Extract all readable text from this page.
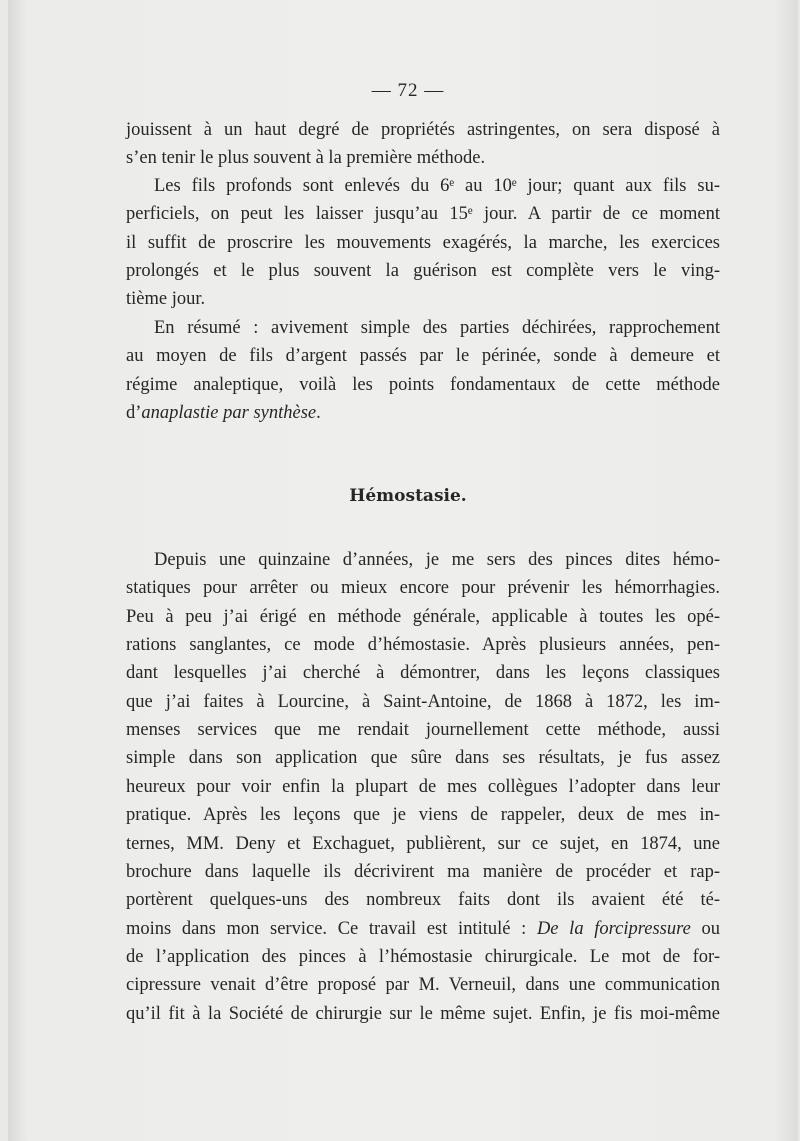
— 72 —
Hémostasie.
jouissent à un haut degré de propriétés astringentes, on sera disposé à
s’en tenir le plus souvent à la première méthode.
Les fils profonds sont enlevés du 6ᵉ au 10ᵉ jour; quant aux fils su-
perficiels, on peut les laisser jusqu’au 15ᵉ jour. A partir de ce moment
il suffit de proscrire les mouvements exagérés, la marche, les exercices
prolongés et le plus souvent la guérison est complète vers le ving-
tième jour.
En résumé : avivement simple des parties déchirées, rapprochement
au moyen de fils d’argent passés par le périnée, sonde à demeure et
régime analeptique, voilà les points fondamentaux de cette méthode
d’anaplastie par synthèse.
Depuis une quinzaine d’années, je me sers des pinces dites hémo-
statiques pour arrêter ou mieux encore pour prévenir les hémorrhagies.
Peu à peu j’ai érigé en méthode générale, applicable à toutes les opé-
rations sanglantes, ce mode d’hémostasie. Après plusieurs années, pen-
dant lesquelles j’ai cherché à démontrer, dans les leçons classiques
que j’ai faites à Lourcine, à Saint-Antoine, de 1868 à 1872, les im-
menses services que me rendait journellement cette méthode, aussi
simple dans son application que sûre dans ses résultats, je fus assez
heureux pour voir enfin la plupart de mes collègues l’adopter dans leur
pratique. Après les leçons que je viens de rappeler, deux de mes in-
ternes, MM. Deny et Exchaguet, publièrent, sur ce sujet, en 1874, une
brochure dans laquelle ils décrivirent ma manière de procéder et rap-
portèrent quelques-uns des nombreux faits dont ils avaient été té-
moins dans mon service. Ce travail est intitulé : De la forcipressure ou
de l’application des pinces à l’hémostasie chirurgicale. Le mot de for-
cipressure venait d’être proposé par M. Verneuil, dans une communication
qu’il fit à la Société de chirurgie sur le même sujet. Enfin, je fis moi-même
